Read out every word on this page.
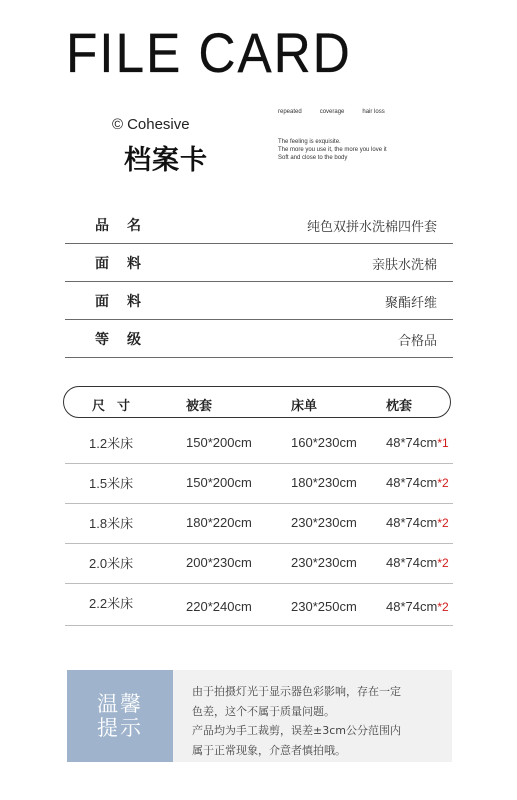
FILE CARD
© Cohesive
档案卡
repeated	coverage	hair loss
The feeling is exquisite.
The more you use it, the more you love it
Soft and close to the body
品名	纯色双拼水洗棉四件套
面料	亲肤水洗棉
面料	聚酯纤维
等级	合格品
尺寸	被套	床单	枕套
1.2米床	150*200cm	160*230cm 48*74cm*1
1.5米床	150*200cm	180*230cm 48*74cm*2
1.8米床	180*220cm	230*230cm 48*74cm*2
2.0米床	200*230cm	230*230cm 48*74cm*2
2.2米床	220*240cm	230*250cm 48*74cm*2
温馨提示
由于拍摄灯光于显示器色彩影响，存在一定
色差，这个不属于质量问题。
产品均为手工裁剪，误差±3cm公分范围内
属于正常现象，介意者慎拍哦。
